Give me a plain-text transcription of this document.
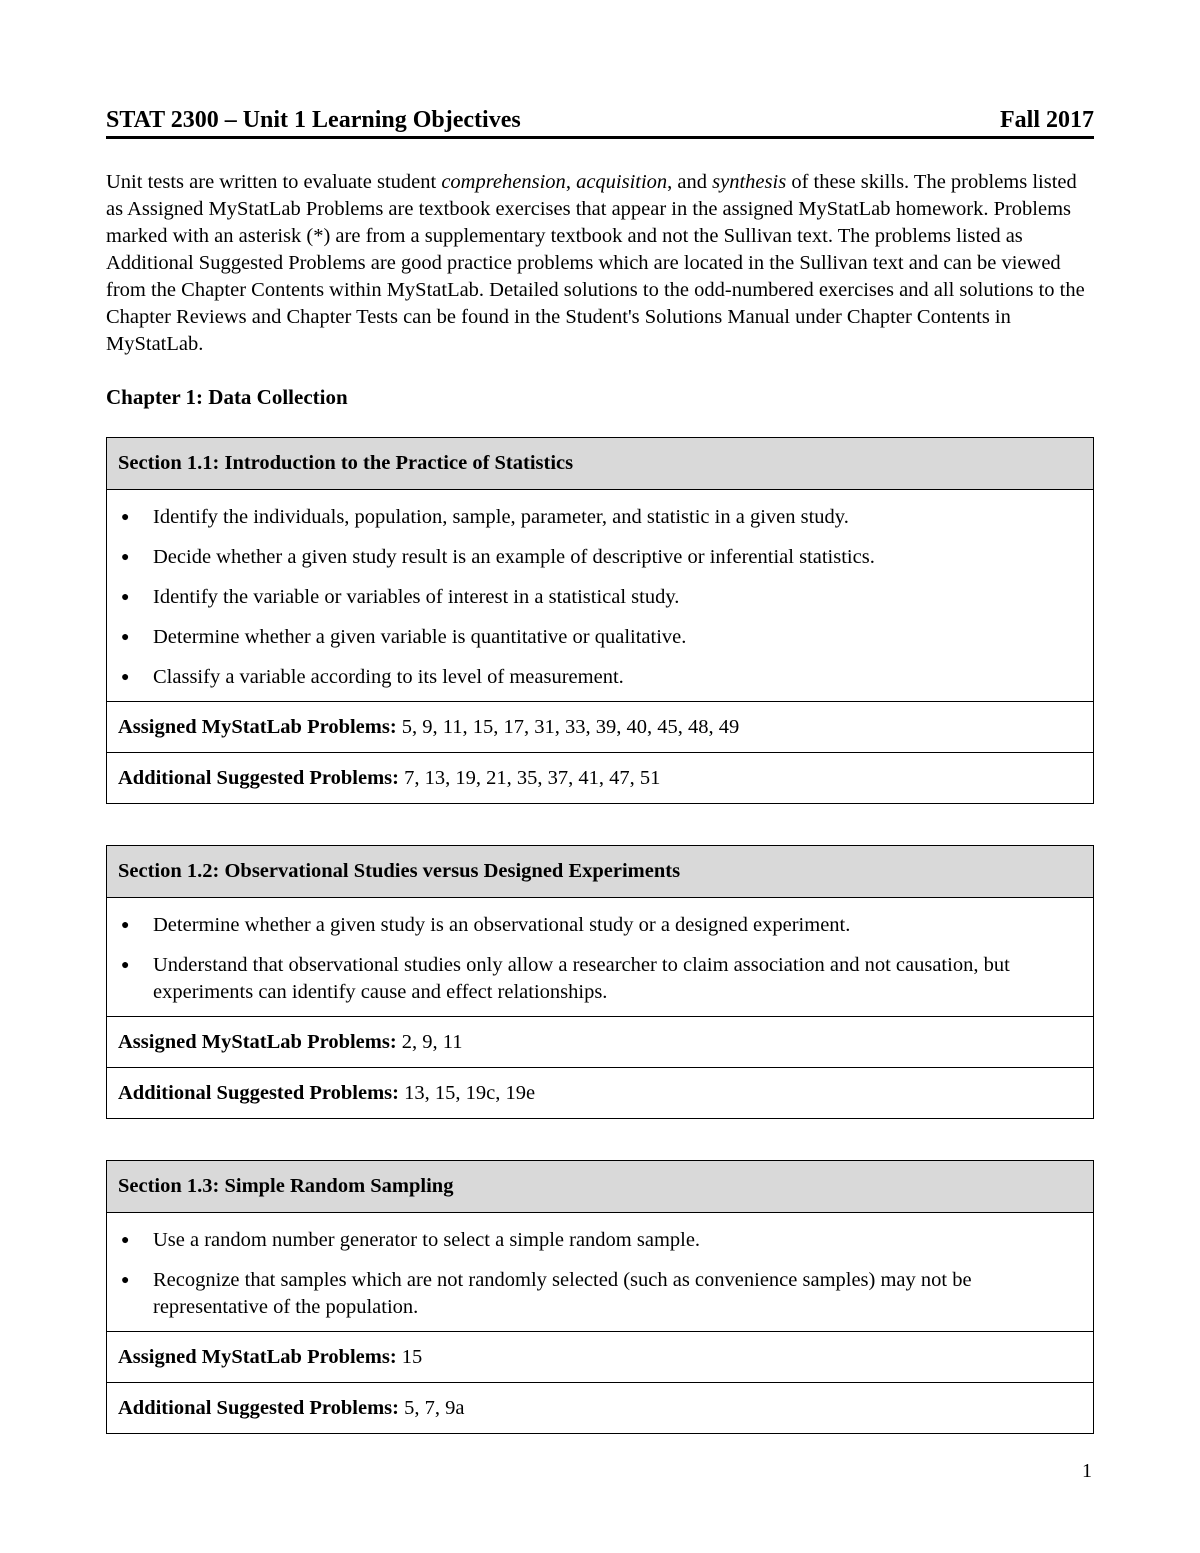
STAT 2300 – Unit 1 Learning Objectives	Fall 2017
Unit tests are written to evaluate student comprehension, acquisition, and synthesis of these skills. The problems listed as Assigned MyStatLab Problems are textbook exercises that appear in the assigned MyStatLab homework. Problems marked with an asterisk (*) are from a supplementary textbook and not the Sullivan text. The problems listed as Additional Suggested Problems are good practice problems which are located in the Sullivan text and can be viewed from the Chapter Contents within MyStatLab. Detailed solutions to the odd-numbered exercises and all solutions to the Chapter Reviews and Chapter Tests can be found in the Student's Solutions Manual under Chapter Contents in MyStatLab.
Chapter 1: Data Collection
Section 1.1: Introduction to the Practice of Statistics
● Identify the individuals, population, sample, parameter, and statistic in a given study.
● Decide whether a given study result is an example of descriptive or inferential statistics.
● Identify the variable or variables of interest in a statistical study.
● Determine whether a given variable is quantitative or qualitative.
● Classify a variable according to its level of measurement.
Assigned MyStatLab Problems: 5, 9, 11, 15, 17, 31, 33, 39, 40, 45, 48, 49
Additional Suggested Problems: 7, 13, 19, 21, 35, 37, 41, 47, 51
Section 1.2: Observational Studies versus Designed Experiments
● Determine whether a given study is an observational study or a designed experiment.
● Understand that observational studies only allow a researcher to claim association and not causation, but experiments can identify cause and effect relationships.
Assigned MyStatLab Problems: 2, 9, 11
Additional Suggested Problems: 13, 15, 19c, 19e
Section 1.3: Simple Random Sampling
● Use a random number generator to select a simple random sample.
● Recognize that samples which are not randomly selected (such as convenience samples) may not be representative of the population.
Assigned MyStatLab Problems: 15
Additional Suggested Problems: 5, 7, 9a
1
